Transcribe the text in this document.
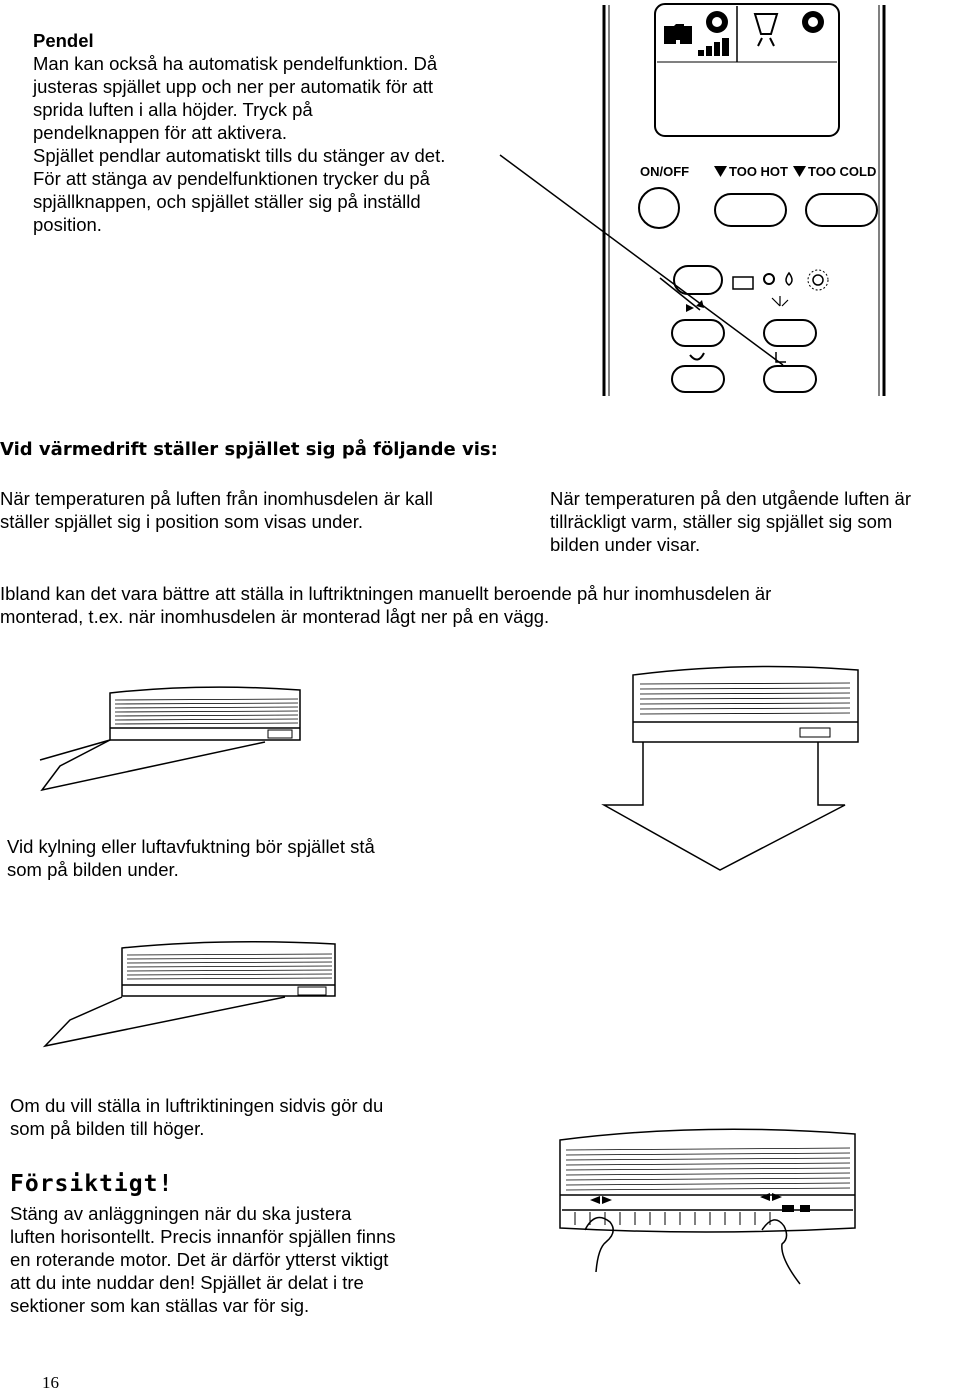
Pendel
Man kan också ha automatisk pendelfunktion. Då
justeras spjället upp och ner per automatik för att
sprida luften i alla höjder. Tryck på
pendelknappen för att aktivera.
Spjället pendlar automatiskt tills du stänger av det.
För att stänga av pendelfunktionen trycker du på
spjällknappen, och spjället ställer sig på inställd
position.
ON/OFF	TOO HOT TOO COLD
Vid värmedrift ställer spjället sig på följande vis:
När temperaturen på luften från inomhusdelen är kall
ställer spjället sig i position som visas under.
När temperaturen på den utgående luften är
tillräckligt varm, ställer sig spjället sig som
bilden under visar.
Ibland kan det vara bättre att ställa in luftriktningen manuellt beroende på hur inomhusdelen är
monterad, t.ex. när inomhusdelen är monterad lågt ner på en vägg.
Vid kylning eller luftavfuktning bör spjället stå
som på bilden under.
Om du vill ställa in luftriktiningen sidvis gör du
som på bilden till höger.
Försiktigt!
Stäng av anläggningen när du ska justera
luften horisontellt. Precis innanför spjällen finns
en roterande motor. Det är därför ytterst viktigt
att du inte nuddar den! Spjället är delat i tre
sektioner som kan ställas var för sig.
16
